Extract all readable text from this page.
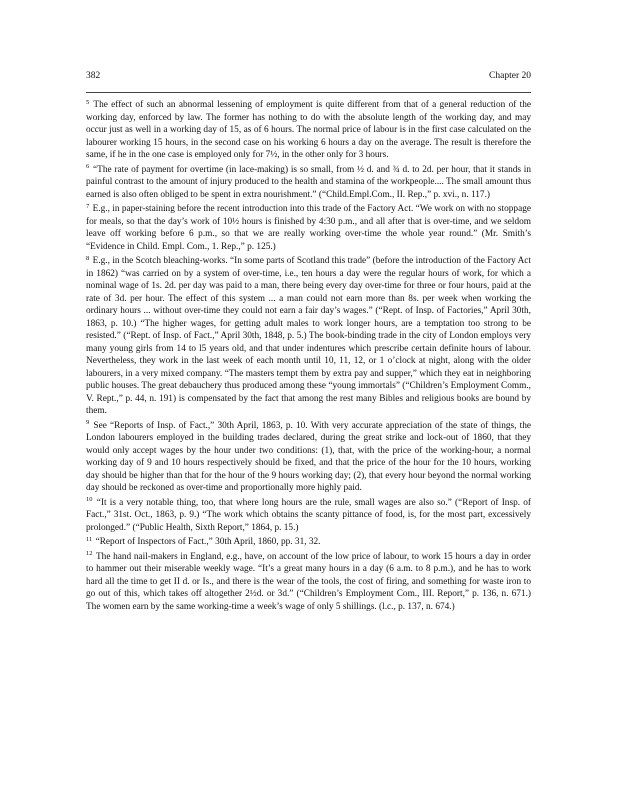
382	Chapter 20

$^5$ The effect of such an abnormal lessening of employment is quite different from that of a general reduction of the working day, enforced by law. The former has nothing to do with the absolute length of the working day, and may occur just as well in a working day of 15, as of 6 hours. The normal price of labour is in the first case calculated on the labourer working 15 hours, in the second case on his working 6 hours a day on the average. The result is therefore the same, if he in the one case is employed only for 7½, in the other only for 3 hours.

$^6$ “The rate of payment for overtime (in lace-making) is so small, from ½ d. and ¾ d. to 2d. per hour, that it stands in painful contrast to the amount of injury produced to the health and stamina of the workpeople.... The small amount thus earned is also often obliged to be spent in extra nourishment.” (“Child.Empl.Com., II. Rep.,” p. xvi., n. 117.)

$^7$ E.g., in paper-staining before the recent introduction into this trade of the Factory Act. “We work on with no stoppage for meals, so that the day’s work of 10½ hours is finished by 4:30 p.m., and all after that is over-time, and we seldom leave off working before 6 p.m., so that we are really working over-time the whole year round.” (Mr. Smith’s “Evidence in Child. Empl. Com., 1. Rep.,” p. 125.)

$^8$ E.g., in the Scotch bleaching-works. “In some parts of Scotland this trade” (before the introduction of the Factory Act in 1862) “was carried on by a system of over-time, i.e., ten hours a day were the regular hours of work, for which a nominal wage of 1s. 2d. per day was paid to a man, there being every day over-time for three or four hours, paid at the rate of 3d. per hour. The effect of this system ... a man could not earn more than 8s. per week when working the ordinary hours ... without over-time they could not earn a fair day’s wages.” (“Rept. of Insp. of Factories,” April 30th, 1863, p. 10.) “The higher wages, for getting adult males to work longer hours, are a temptation too strong to be resisted.” (“Rept. of Insp. of Fact.,” April 30th, 1848, p. 5.) The book-binding trade in the city of London employs very many young girls from 14 to l5 years old, and that under indentures which prescribe certain definite hours of labour. Nevertheless, they work in the last week of each month until 10, 11, 12, or 1 o’clock at night, along with the older labourers, in a very mixed company. “The masters tempt them by extra pay and supper,” which they eat in neighboring public houses. The great debauchery thus produced among these “young immortals” (“Children’s Employment Comm., V. Rept.,” p. 44, n. 191) is compensated by the fact that among the rest many Bibles and religious books are bound by them.

$^9$ See “Reports of Insp. of Fact.,” 30th April, 1863, p. 10. With very accurate appreciation of the state of things, the London labourers employed in the building trades declared, during the great strike and lock-out of 1860, that they would only accept wages by the hour under two conditions: (1), that, with the price of the working-hour, a normal working day of 9 and 10 hours respectively should be fixed, and that the price of the hour for the 10 hours, working day should be higher than that for the hour of the 9 hours working day; (2), that every hour beyond the normal working day should be reckoned as over-time and proportionally more highly paid.

$^{10}$ “It is a very notable thing, too, that where long hours are the rule, small wages are also so.” (“Report of Insp. of Fact.,” 31st. Oct., 1863, p. 9.) “The work which obtains the scanty pittance of food, is, for the most part, excessively prolonged.” (“Public Health, Sixth Report,” 1864, p. 15.)

$^{11}$ “Report of Inspectors of Fact.,” 30th April, 1860, pp. 31, 32.

$^{12}$ The hand nail-makers in England, e.g., have, on account of the low price of labour, to work 15 hours a day in order to hammer out their miserable weekly wage. “It’s a great many hours in a day (6 a.m. to 8 p.m.), and he has to work hard all the time to get II d. or Is., and there is the wear of the tools, the cost of firing, and something for waste iron to go out of this, which takes off altogether 2½d. or 3d.” (“Children’s Employment Com., III. Report,” p. 136, n. 671.) The women earn by the same working-time a week’s wage of only 5 shillings. (l.c., p. 137, n. 674.)
